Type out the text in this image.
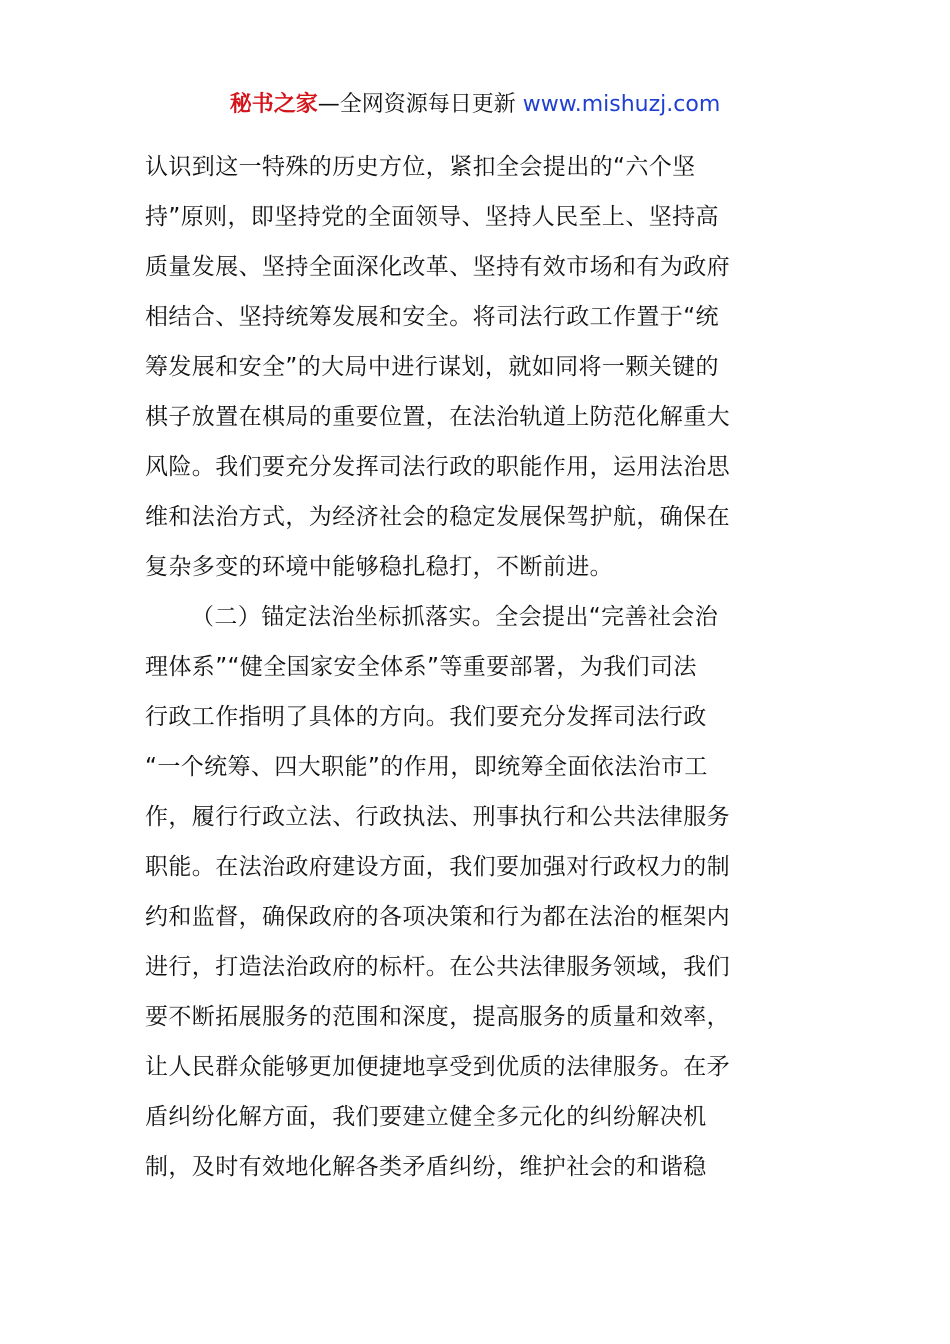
秘书之家—全网资源每日更新 www.mishuzj.com
认识到这一特殊的历史方位，紧扣全会提出的“六个坚
持”原则，即坚持党的全面领导、坚持人民至上、坚持高
质量发展、坚持全面深化改革、坚持有效市场和有为政府
相结合、坚持统筹发展和安全。将司法行政工作置于“统
筹发展和安全”的大局中进行谋划，就如同将一颗关键的
棋子放置在棋局的重要位置，在法治轨道上防范化解重大
风险。我们要充分发挥司法行政的职能作用，运用法治思
维和法治方式，为经济社会的稳定发展保驾护航，确保在
复杂多变的环境中能够稳扎稳打，不断前进。
（二）锚定法治坐标抓落实。全会提出“完善社会治
理体系”“健全国家安全体系”等重要部署，为我们司法
行政工作指明了具体的方向。我们要充分发挥司法行政
“一个统筹、四大职能”的作用，即统筹全面依法治市工
作，履行行政立法、行政执法、刑事执行和公共法律服务
职能。在法治政府建设方面，我们要加强对行政权力的制
约和监督，确保政府的各项决策和行为都在法治的框架内
进行，打造法治政府的标杆。在公共法律服务领域，我们
要不断拓展服务的范围和深度，提高服务的质量和效率，
让人民群众能够更加便捷地享受到优质的法律服务。在矛
盾纠纷化解方面，我们要建立健全多元化的纠纷解决机
制，及时有效地化解各类矛盾纠纷，维护社会的和谐稳
